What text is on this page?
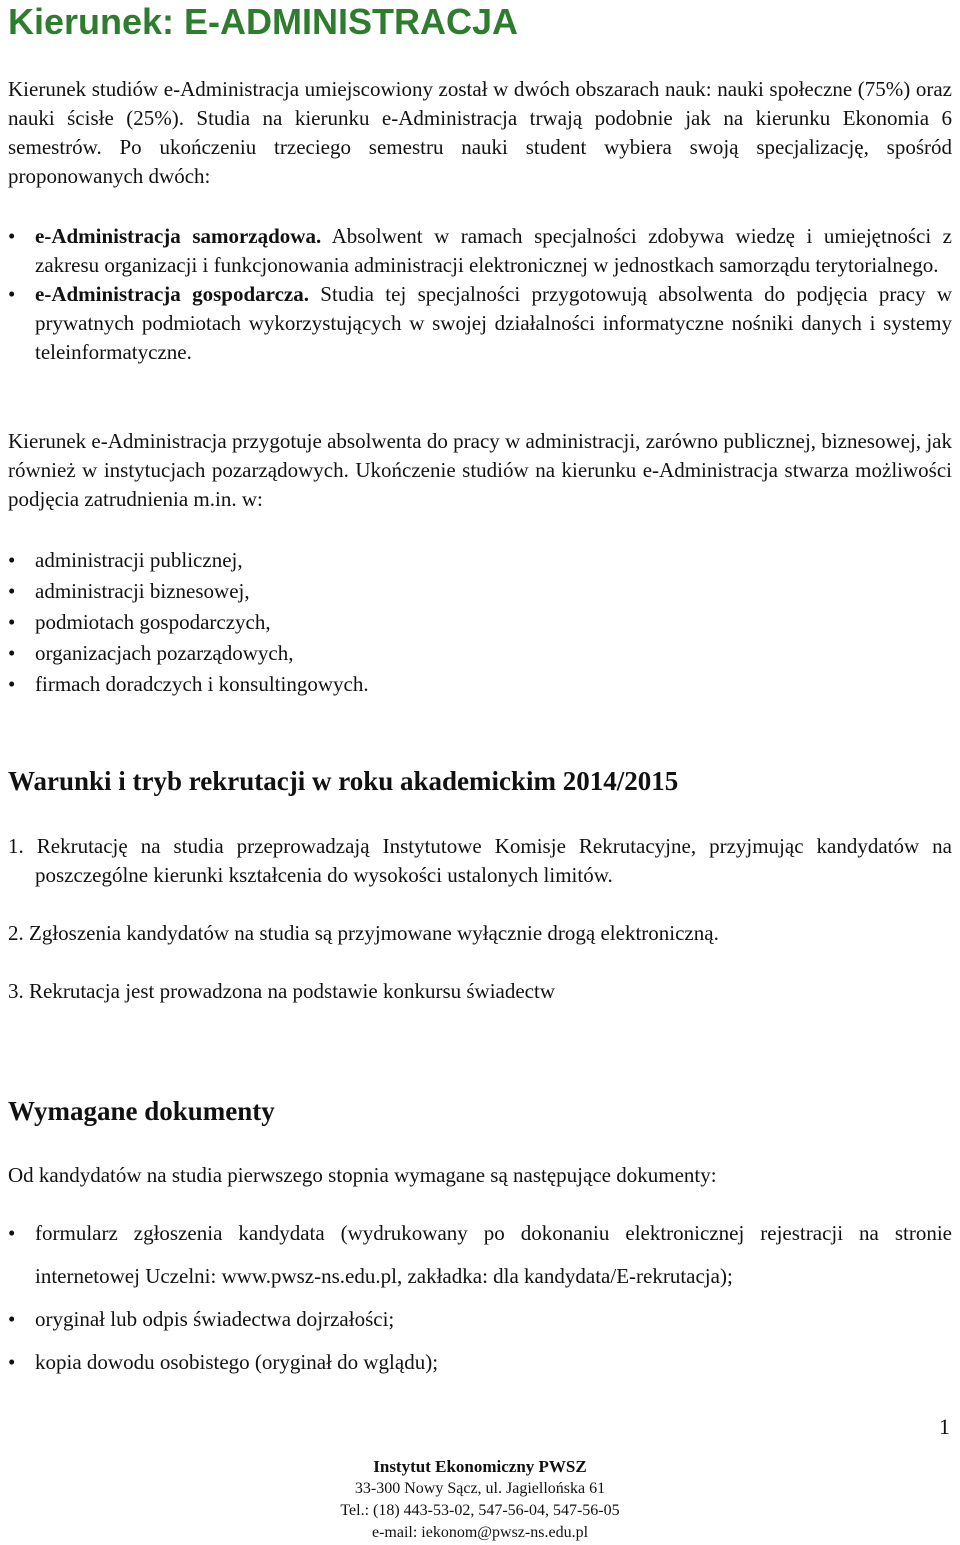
Kierunek: E-ADMINISTRACJA

Kierunek studiów e-Administracja umiejscowiony został w dwóch obszarach nauk: nauki społeczne (75%) oraz nauki ścisłe (25%). Studia na kierunku e-Administracja trwają podobnie jak na kierunku Ekonomia 6 semestrów. Po ukończeniu trzeciego semestru nauki student wybiera swoją specjalizację, spośród proponowanych dwóch:

• e-Administracja samorządowa. Absolwent w ramach specjalności zdobywa wiedzę i umiejętności z zakresu organizacji i funkcjonowania administracji elektronicznej w jednostkach samorządu terytorialnego.
• e-Administracja gospodarcza. Studia tej specjalności przygotowują absolwenta do podjęcia pracy w prywatnych podmiotach wykorzystujących w swojej działalności informatyczne nośniki danych i systemy teleinformatyczne.

Kierunek e-Administracja przygotuje absolwenta do pracy w administracji, zarówno publicznej, biznesowej, jak również w instytucjach pozarządowych. Ukończenie studiów na kierunku e-Administracja stwarza możliwości podjęcia zatrudnienia m.in. w:

• administracji publicznej,
• administracji biznesowej,
• podmiotach gospodarczych,
• organizacjach pozarządowych,
• firmach doradczych i konsultingowych.
Warunki i tryb rekrutacji w roku akademickim 2014/2015

1. Rekrutację na studia przeprowadzają Instytutowe Komisje Rekrutacyjne, przyjmując kandydatów na poszczególne kierunki kształcenia do wysokości ustalonych limitów.

2. Zgłoszenia kandydatów na studia są przyjmowane wyłącznie drogą elektroniczną.

3. Rekrutacja jest prowadzona na podstawie konkursu świadectw

Wymagane dokumenty

Od kandydatów na studia pierwszego stopnia wymagane są następujące dokumenty:

• formularz zgłoszenia kandydata (wydrukowany po dokonaniu elektronicznej rejestracji na stronie internetowej Uczelni: www.pwsz-ns.edu.pl, zakładka: dla kandydata/E-rekrutacja);
• oryginał lub odpis świadectwa dojrzałości;
• kopia dowodu osobistego (oryginał do wglądu);
1
Instytut Ekonomiczny PWSZ
33-300 Nowy Sącz, ul. Jagiellońska 61
Tel.: (18) 443-53-02, 547-56-04, 547-56-05
e-mail: iekonom@pwsz-ns.edu.pl
